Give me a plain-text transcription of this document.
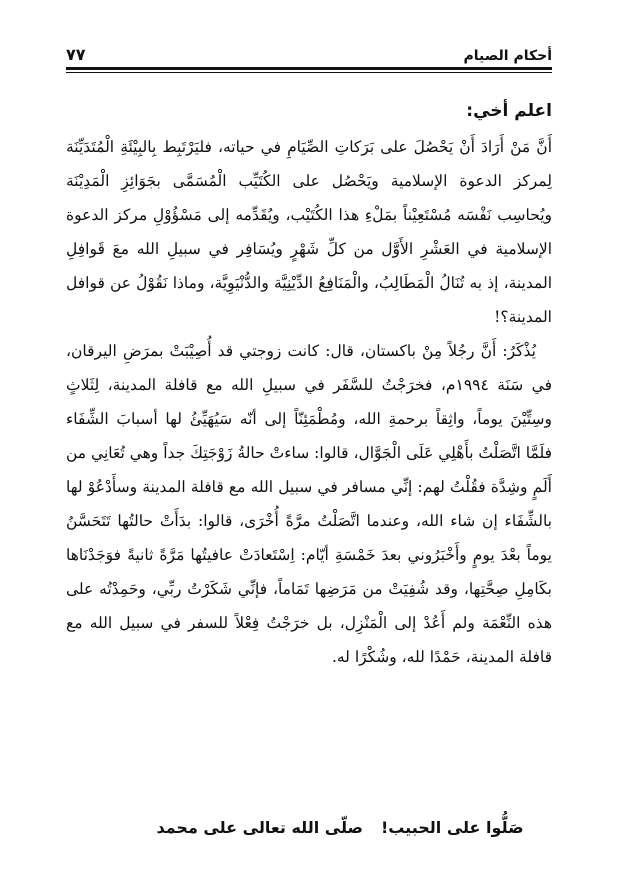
٧٧	أحكام الصيام
اعلم أخي:

أَنَّ مَنْ أَرَادَ أَنْ يَحْصُلَ على بَرَكاتِ الصِّيَامِ في حياته، فليَرْتَبِط بِالبِيْئَةِ الْمُتَدَيِّنَة لِمركز الدعوة الإسلامية ويَحْصُل على الكُتَيِّب الْمُسَمَّى بجَوَائِزِ الْمَدِيْنَة ويُحاسِب نَفْسَه مُسْتَعِيْناً بمَلْءِ هذا الكُتَيْب، ويُقَدِّمه إلى مَسْؤُوْلِ مركز الدعوة الإسلامية في العَشْرِ الأَوَّل من كلِّ شَهْرٍ ويُسَافِر في سبيلِ الله معَ قَوافِلِ المدينة، إذ به تُنَالُ الْمَطَالِبُ، والْمَنَافِعُ الدِّيْنِيَّة والدُّنْيَوِيَّة، وماذا نَقُوْلُ عن قوافل المدينة؟!

يُذْكَرُ: أَنَّ رجُلاً مِنْ باكستان، قال: كانت زوجتي قد أُصِيْبَتْ بمرَضِ اليرقان، في سَنَة ١٩٩٤م، فخرَجْتُ للسَّفَر في سبيلِ الله مع قافلة المدينة، لِثَلاثٍ وسِتِّيْنَ يوماً، واثِقاً برحمةِ الله، ومُطْمَئِنّاً إلى أنّه سَيُهَيِّئُ لها أسبابَ الشِّفَاء فلَمَّا اتَّصَلْتُ بأَهْلِي عَلَى الْجَوَّال، قالوا: ساءتْ حالةُ زَوْجَتِكَ جداً وهي تُعَانِي من أَلَمٍ وشِدَّة فقُلْتُ لهم: إنِّي مسافر في سبيل الله مع قافلة المدينة وسأَدْعُوْ لها بالشِّفَاء إن شاء الله، وعندما اتَّصَلْتُ مرَّةً أُخْرَى، قالوا: بدَأَتْ حالتُها تَتَحَسَّنُ يوماً بعْدَ يومٍ وأَخْبَرُوني بعدَ خَمْسَةِ أيّام: اِسْتَعادَتْ عافيتُها مَرَّةً ثانيةً فوَجَدْنَاها بكَامِلِ صِحَّتِها، وقد شُفِيَتْ من مَرَضِها تَمَاماً، فإنِّي شَكَرْتُ ربِّي، وحَمِدْتُه على هذه النِّعْمَة ولم أَعُدْ إلى الْمَنْزِل، بل خرَجْتُ فِعْلاً للسفر في سبيل الله مع قافلة المدينة، حَمْدًا لله، وشُكْرًا له.

صَلُّوا على الحبيب!
صلّى الله تعالى على محمد
